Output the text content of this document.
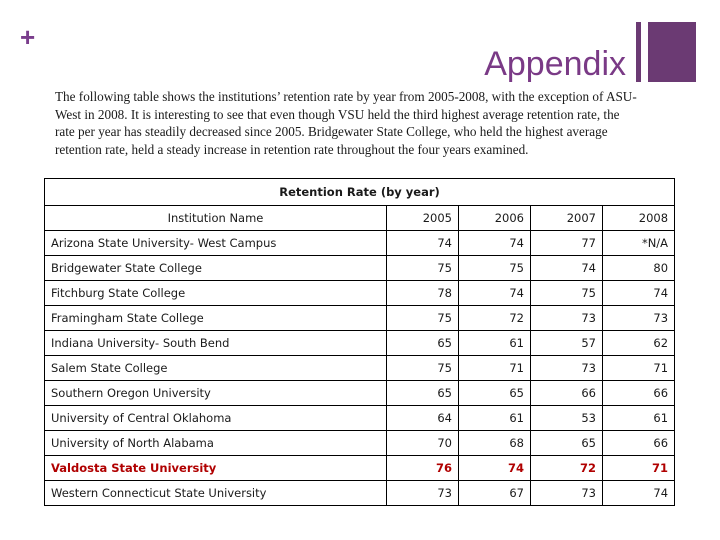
+
Appendix

The following table shows the institutions’ retention rate by year from 2005-2008, with the exception of ASU-West in 2008. It is interesting to see that even though VSU held the third highest average retention rate, the rate per year has steadily decreased since 2005. Bridgewater State College, who held the highest average retention rate, held a steady increase in retention rate throughout the four years examined.

Retention Rate (by year)				
Institution Name	2005	2006	2007	2008
Arizona State University- West Campus	74	74	77	*N/A
Bridgewater State College	75	75	74	80
Fitchburg State College	78	74	75	74
Framingham State College	75	72	73	73
Indiana University- South Bend	65	61	57	62
Salem State College	75	71	73	71
Southern Oregon University	65	65	66	66
University of Central Oklahoma	64	61	53	61
University of North Alabama	70	68	65	66
Valdosta State University	76	74	72	71
Western Connecticut State University	73	67	73	74
